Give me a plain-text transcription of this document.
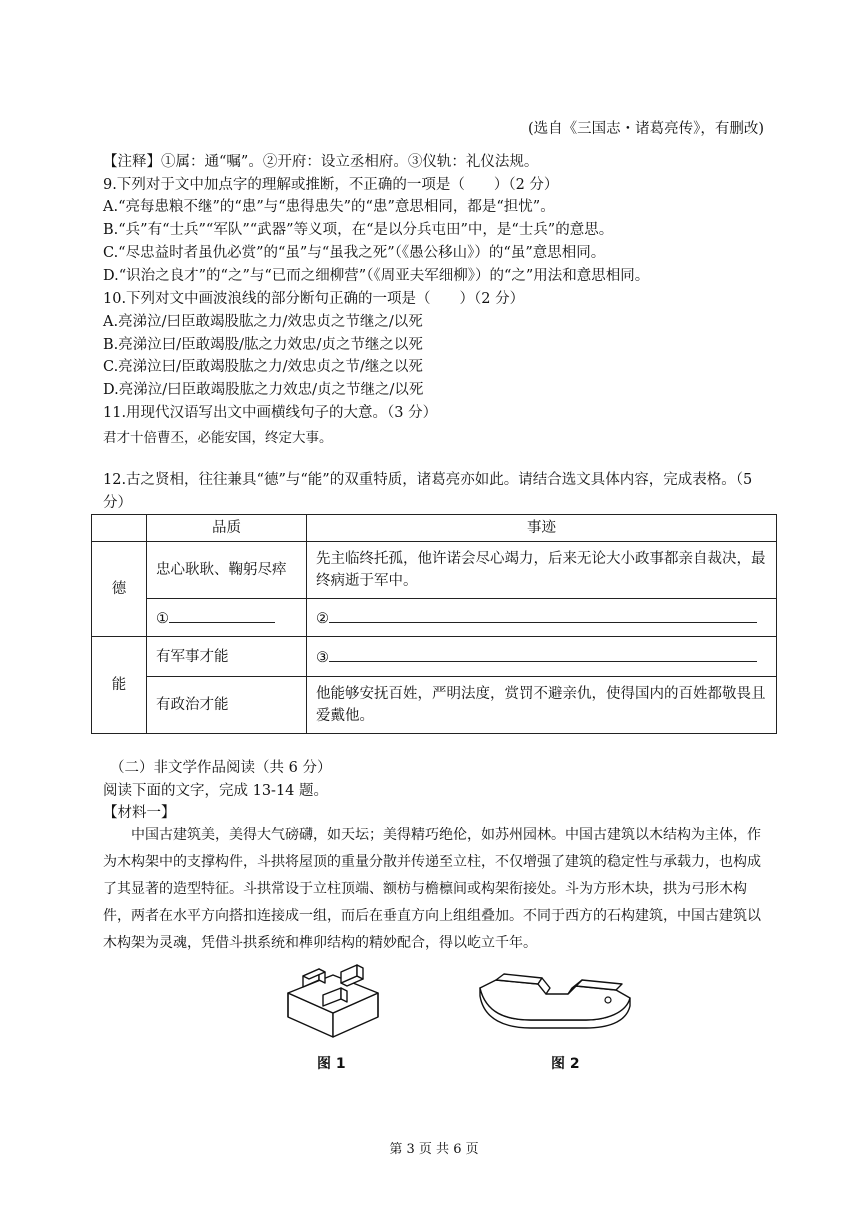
(选自《三国志・诸葛亮传》，有删改)
【注释】①属：通“嘱”。②开府：设立丞相府。③仪轨：礼仪法规。
9.下列对于文中加点字的理解或推断，不正确的一项是（　　）（2 分）
A.“亮每患粮不继”的“患”与“患得患失”的“患”意思相同，都是“担忧”。
B.“兵”有“士兵”“军队”“武器”等义项，在“是以分兵屯田”中，是“士兵”的意思。
C.“尽忠益时者虽仇必赏”的“虽”与“虽我之死”（《愚公移山》）的“虽”意思相同。
D.“识治之良才”的“之”与“已而之细柳营”（《周亚夫军细柳》）的“之”用法和意思相同。
10.下列对文中画波浪线的部分断句正确的一项是（　　）（2 分）
A.亮涕泣/曰臣敢竭股肱之力/效忠贞之节继之/以死
B.亮涕泣曰/臣敢竭股/肱之力效忠/贞之节继之以死
C.亮涕泣曰/臣敢竭股肱之力/效忠贞之节/继之以死
D.亮涕泣/曰臣敢竭股肱之力效忠/贞之节继之/以死
11.用现代汉语写出文中画横线句子的大意。（3 分）
君才十倍曹丕，必能安国，终定大事。
12.古之贤相，往往兼具“德”与“能”的双重特质，诸葛亮亦如此。请结合选文具体内容，完成表格。（5 分）
	品质	事迹
德	忠心耿耿、鞠躬尽瘁	先主临终托孤，他许诺会尽心竭力，后来无论大小政事都亲自裁决，最终病逝于军中。
	①	②
能	有军事才能	③
	有政治才能	他能够安抚百姓，严明法度，赏罚不避亲仇，使得国内的百姓都敬畏且爱戴他。
（二）非文学作品阅读（共 6 分）
阅读下面的文字，完成 13-14 题。
【材料一】
中国古建筑美，美得大气磅礴，如天坛；美得精巧绝伦，如苏州园林。中国古建筑以木结构为主体，作为木构架中的支撑构件，斗拱将屋顶的重量分散并传递至立柱，不仅增强了建筑的稳定性与承载力，也构成了其显著的造型特征。斗拱常设于立柱顶端、额枋与檐檩间或构架衔接处。斗为方形木块，拱为弓形木构件，两者在水平方向搭扣连接成一组，而后在垂直方向上组组叠加。不同于西方的石构建筑，中国古建筑以木构架为灵魂，凭借斗拱系统和榫卯结构的精妙配合，得以屹立千年。
图 1	图 2
第 3 页 共 6 页
